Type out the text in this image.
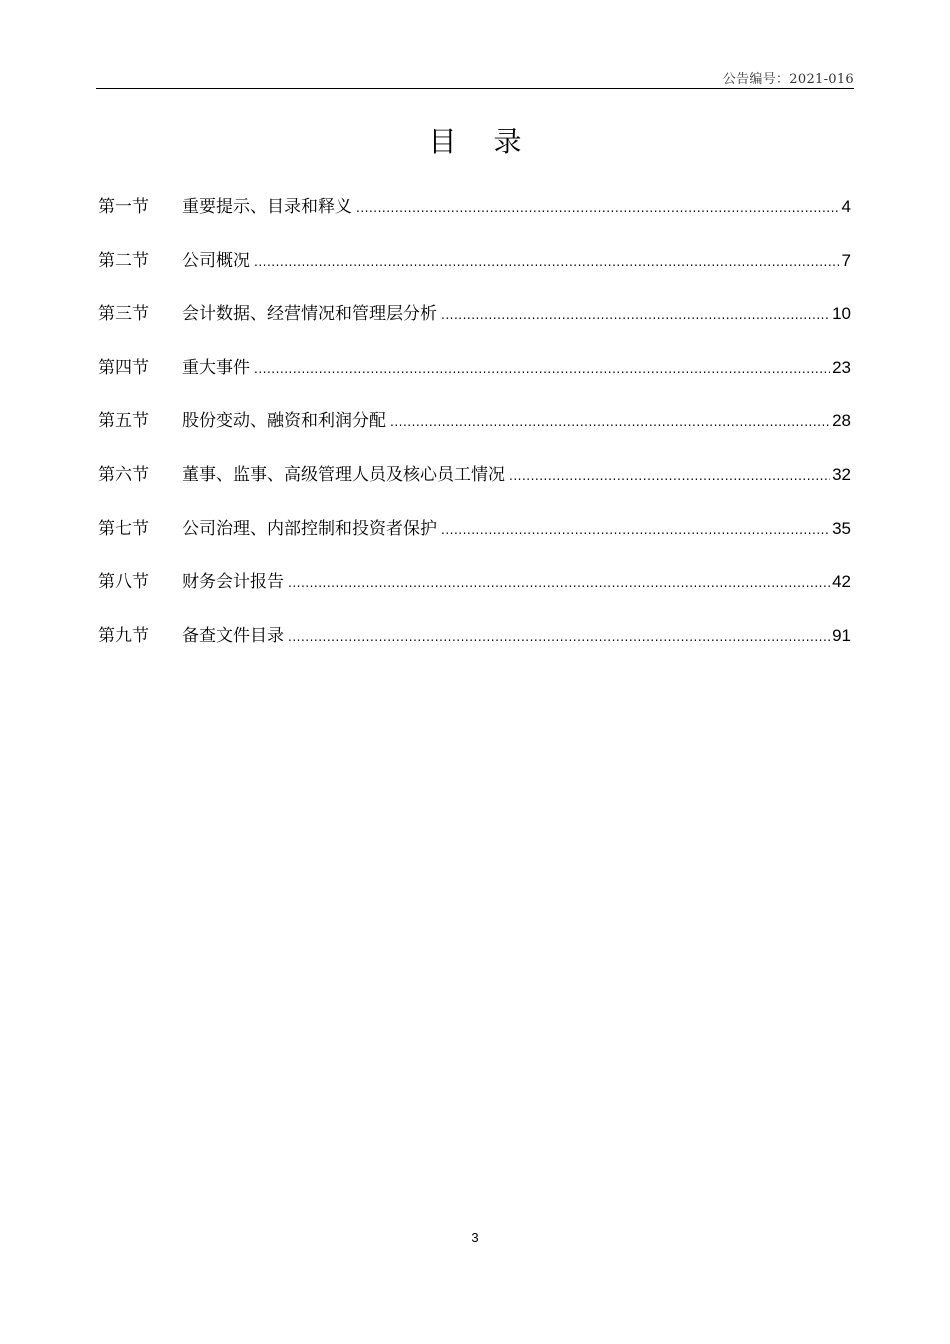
公告编号：2021-016
目 录
第一节	重要提示、目录和释义 .....	4
第二节	公司概况 .....	7
第三节	会计数据、经营情况和管理层分析 .....	10
第四节	重大事件 .....	23
第五节	股份变动、融资和利润分配 .....	28
第六节	董事、监事、高级管理人员及核心员工情况 .....	32
第七节	公司治理、内部控制和投资者保护 .....	35
第八节	财务会计报告 .....	42
第九节	备查文件目录 .....	91
3
